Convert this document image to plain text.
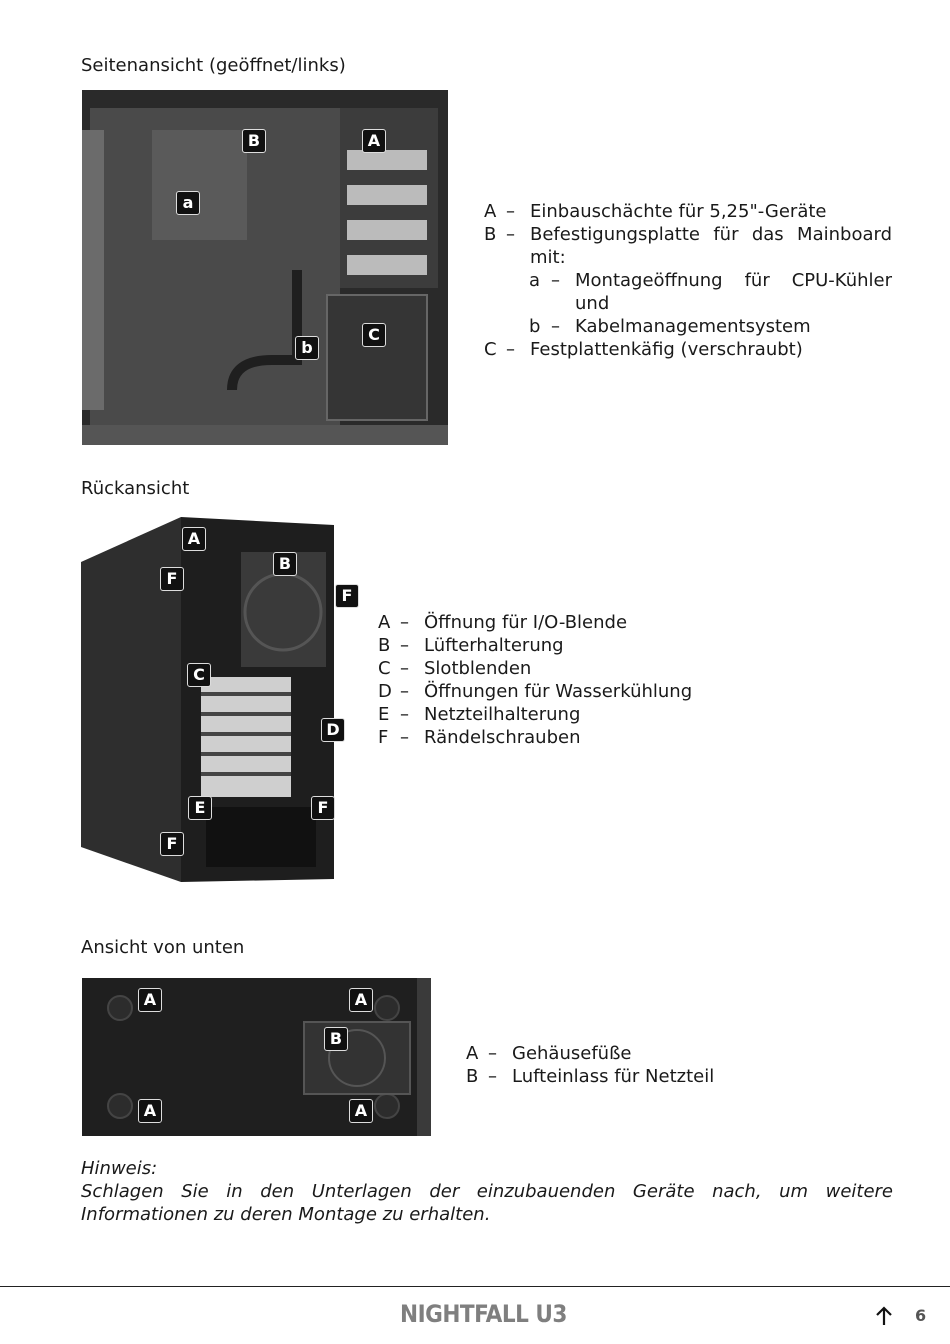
Seitenansicht (geöffnet/links)
B	A
a
C
b
A – Einbauschächte für 5,25"-Geräte
B – Befestigungsplatte für das Mainboard mit:
a – Montageöffnung für CPU-Kühler und
b – Kabelmanagementsystem
C – Festplattenkäfig (verschraubt)
Rückansicht
A
B
F
F
C
D
E	F
F
A – Öffnung für I/O-Blende
B – Lüfterhalterung
C – Slotblenden
D – Öffnungen für Wasserkühlung
E – Netzteilhalterung
F – Rändelschrauben
Ansicht von unten
A	A
B
A	A
A – Gehäusefüße
B – Lufteinlass für Netzteil
Hinweis:
Schlagen Sie in den Unterlagen der einzubauenden Geräte nach, um weitere Informationen zu deren Montage zu erhalten.
NIGHTFALL U3	6
